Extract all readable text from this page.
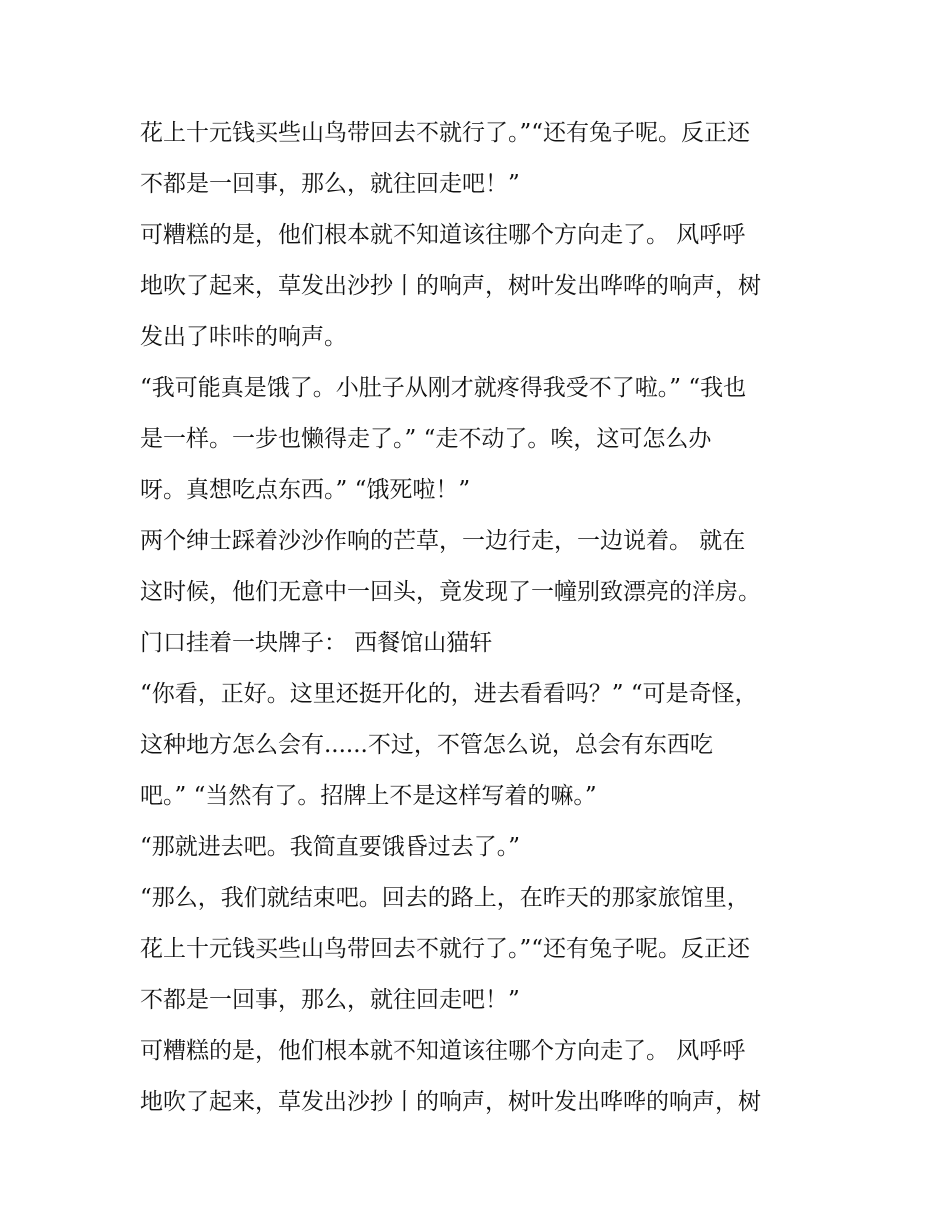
花上十元钱买些山鸟带回去不就行了。”“还有兔子呢。反正还
不都是一回事，那么，就往回走吧！”
可糟糕的是，他们根本就不知道该往哪个方向走了。 风呼呼
地吹了起来，草发出沙抄丨的响声，树叶发出哗哗的响声，树
发出了咔咔的响声。
“我可能真是饿了。小肚子从刚才就疼得我受不了啦。” “我也
是一样。一步也懒得走了。” “走不动了。唉，这可怎么办
呀。真想吃点东西。” “饿死啦！”
两个绅士踩着沙沙作响的芒草，一边行走，一边说着。 就在
这时候，他们无意中一回头，竟发现了一幢别致漂亮的洋房。
门口挂着一块牌子： 西餐馆山猫轩
“你看，正好。这里还挺开化的，进去看看吗？” “可是奇怪，
这种地方怎么会有......不过，不管怎么说，总会有东西吃
吧。” “当然有了。招牌上不是这样写着的嘛。”
“那就进去吧。我简直要饿昏过去了。”
“那么，我们就结束吧。回去的路上，在昨天的那家旅馆里，
花上十元钱买些山鸟带回去不就行了。”“还有兔子呢。反正还
不都是一回事，那么，就往回走吧！”
可糟糕的是，他们根本就不知道该往哪个方向走了。 风呼呼
地吹了起来，草发出沙抄丨的响声，树叶发出哗哗的响声，树
